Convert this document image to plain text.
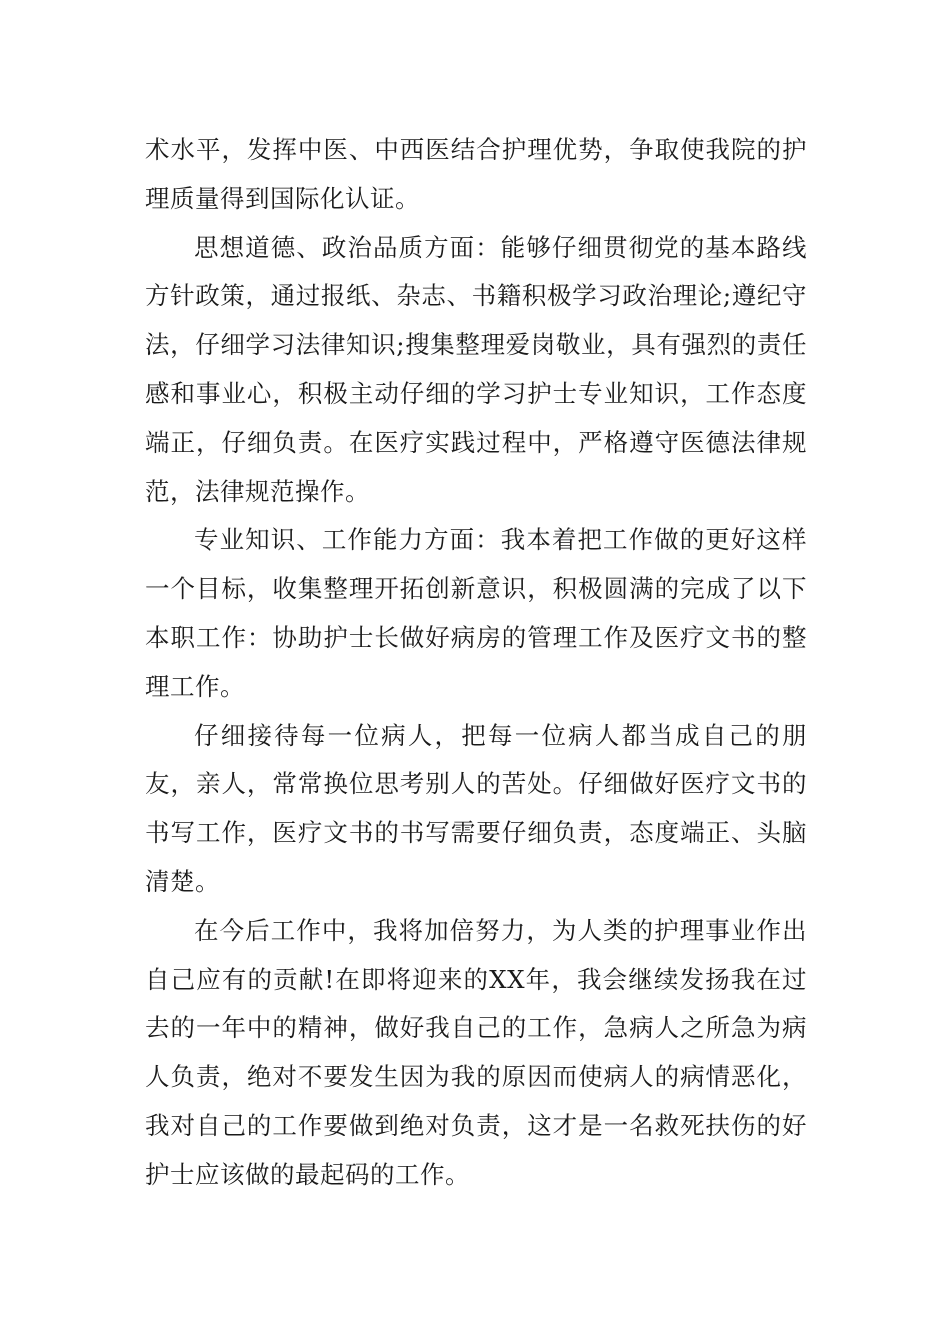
术水平，发挥中医、中西医结合护理优势，争取使我院的护理质量得到国际化认证。

思想道德、政治品质方面：能够仔细贯彻党的基本路线方针政策，通过报纸、杂志、书籍积极学习政治理论;遵纪守法，仔细学习法律知识;搜集整理爱岗敬业，具有强烈的责任感和事业心，积极主动仔细的学习护士专业知识，工作态度端正，仔细负责。在医疗实践过程中，严格遵守医德法律规范，法律规范操作。

专业知识、工作能力方面：我本着把工作做的更好这样一个目标，收集整理开拓创新意识，积极圆满的完成了以下本职工作：协助护士长做好病房的管理工作及医疗文书的整理工作。

仔细接待每一位病人，把每一位病人都当成自己的朋友，亲人，常常换位思考别人的苦处。仔细做好医疗文书的书写工作，医疗文书的书写需要仔细负责，态度端正、头脑清楚。

在今后工作中，我将加倍努力，为人类的护理事业作出自己应有的贡献!在即将迎来的XX年，我会继续发扬我在过去的一年中的精神，做好我自己的工作，急病人之所急为病人负责，绝对不要发生因为我的原因而使病人的病情恶化，我对自己的工作要做到绝对负责，这才是一名救死扶伤的好护士应该做的最起码的工作。
